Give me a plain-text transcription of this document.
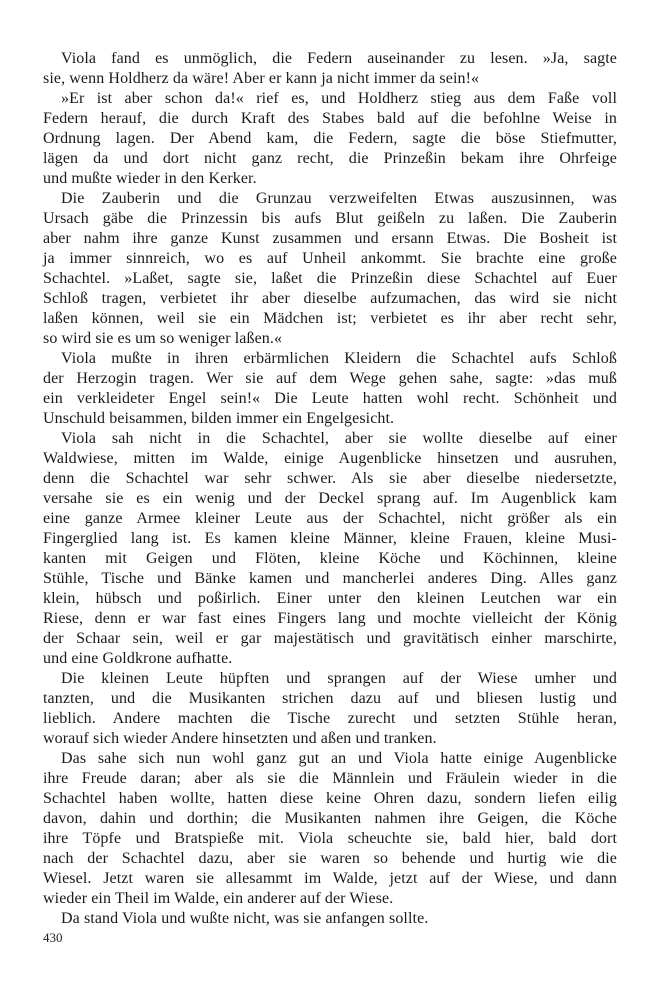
Viola fand es unmöglich, die Federn auseinander zu lesen. »Ja, sagte
sie, wenn Holdherz da wäre! Aber er kann ja nicht immer da sein!«
»Er ist aber schon da!« rief es, und Holdherz stieg aus dem Faße voll
Federn herauf, die durch Kraft des Stabes bald auf die befohlne Weise in
Ordnung lagen. Der Abend kam, die Federn, sagte die böse Stiefmutter,
lägen da und dort nicht ganz recht, die Prinzeßin bekam ihre Ohrfeige
und mußte wieder in den Kerker.
Die Zauberin und die Grunzau verzweifelten Etwas auszusinnen, was
Ursach gäbe die Prinzessin bis aufs Blut geißeln zu laßen. Die Zauberin
aber nahm ihre ganze Kunst zusammen und ersann Etwas. Die Bosheit ist
ja immer sinnreich, wo es auf Unheil ankommt. Sie brachte eine große
Schachtel. »Laßet, sagte sie, laßet die Prinzeßin diese Schachtel auf Euer
Schloß tragen, verbietet ihr aber dieselbe aufzumachen, das wird sie nicht
laßen können, weil sie ein Mädchen ist; verbietet es ihr aber recht sehr,
so wird sie es um so weniger laßen.«
Viola mußte in ihren erbärmlichen Kleidern die Schachtel aufs Schloß
der Herzogin tragen. Wer sie auf dem Wege gehen sahe, sagte: »das muß
ein verkleideter Engel sein!« Die Leute hatten wohl recht. Schönheit und
Unschuld beisammen, bilden immer ein Engelgesicht.
Viola sah nicht in die Schachtel, aber sie wollte dieselbe auf einer
Waldwiese, mitten im Walde, einige Augenblicke hinsetzen und ausruhen,
denn die Schachtel war sehr schwer. Als sie aber dieselbe niedersetzte,
versahe sie es ein wenig und der Deckel sprang auf. Im Augenblick kam
eine ganze Armee kleiner Leute aus der Schachtel, nicht größer als ein
Fingerglied lang ist. Es kamen kleine Männer, kleine Frauen, kleine Musi-
kanten mit Geigen und Flöten, kleine Köche und Köchinnen, kleine
Stühle, Tische und Bänke kamen und mancherlei anderes Ding. Alles ganz
klein, hübsch und poßirlich. Einer unter den kleinen Leutchen war ein
Riese, denn er war fast eines Fingers lang und mochte vielleicht der König
der Schaar sein, weil er gar majestätisch und gravitätisch einher marschirte,
und eine Goldkrone aufhatte.
Die kleinen Leute hüpften und sprangen auf der Wiese umher und
tanzten, und die Musikanten strichen dazu auf und bliesen lustig und
lieblich. Andere machten die Tische zurecht und setzten Stühle heran,
worauf sich wieder Andere hinsetzten und aßen und tranken.
Das sahe sich nun wohl ganz gut an und Viola hatte einige Augenblicke
ihre Freude daran; aber als sie die Männlein und Fräulein wieder in die
Schachtel haben wollte, hatten diese keine Ohren dazu, sondern liefen eilig
davon, dahin und dorthin; die Musikanten nahmen ihre Geigen, die Köche
ihre Töpfe und Bratspieße mit. Viola scheuchte sie, bald hier, bald dort
nach der Schachtel dazu, aber sie waren so behende und hurtig wie die
Wiesel. Jetzt waren sie allesammt im Walde, jetzt auf der Wiese, und dann
wieder ein Theil im Walde, ein anderer auf der Wiese.
Da stand Viola und wußte nicht, was sie anfangen sollte.
430
